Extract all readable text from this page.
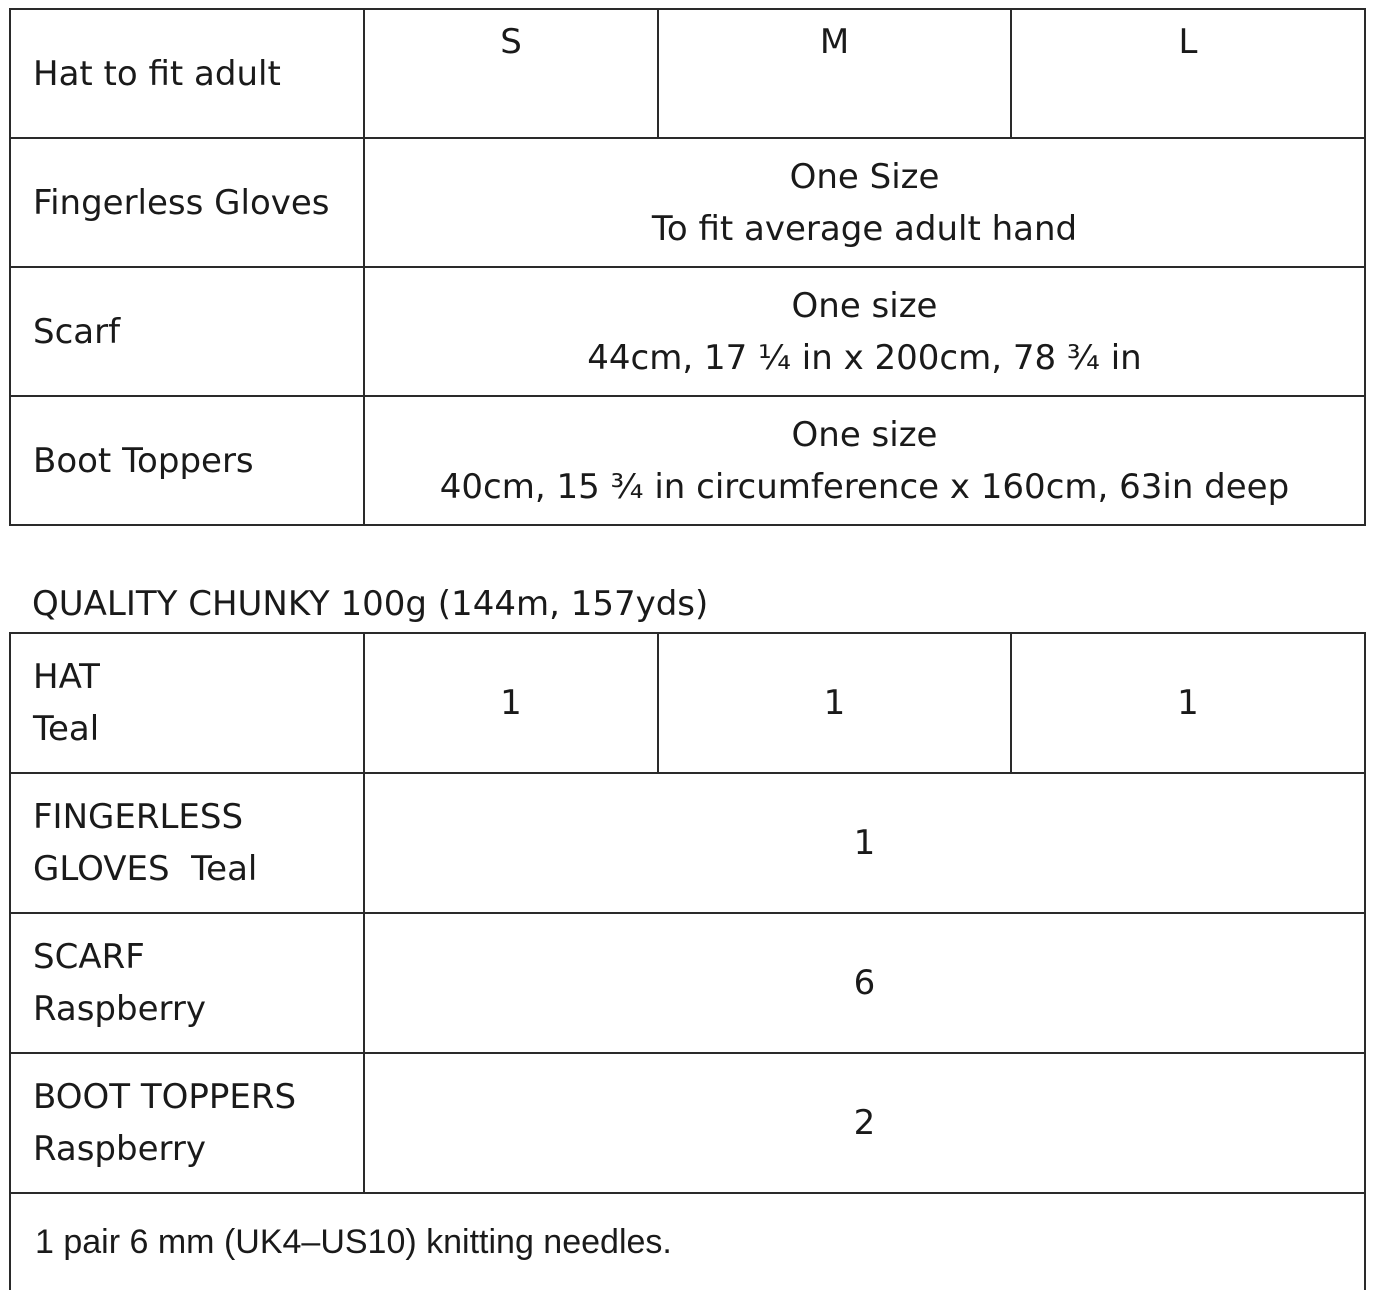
Hat to fit adult	S	M	L
Fingerless Gloves	One Size
To fit average adult hand		

Scarf	One size
44cm, 17 ¼ in x 200cm, 78 ¾ in		

Boot Toppers	One size
40cm, 15 ¾ in circumference x 160cm, 63in deep		
QUALITY CHUNKY 100g (144m, 157yds)
HAT
Teal	1	1	1

FINGERLESS
GLOVES  Teal	1		

SCARF
Raspberry	6		

BOOT TOPPERS
Raspberry	2		
1 pair 6 mm (UK4–US10) knitting needles.			
